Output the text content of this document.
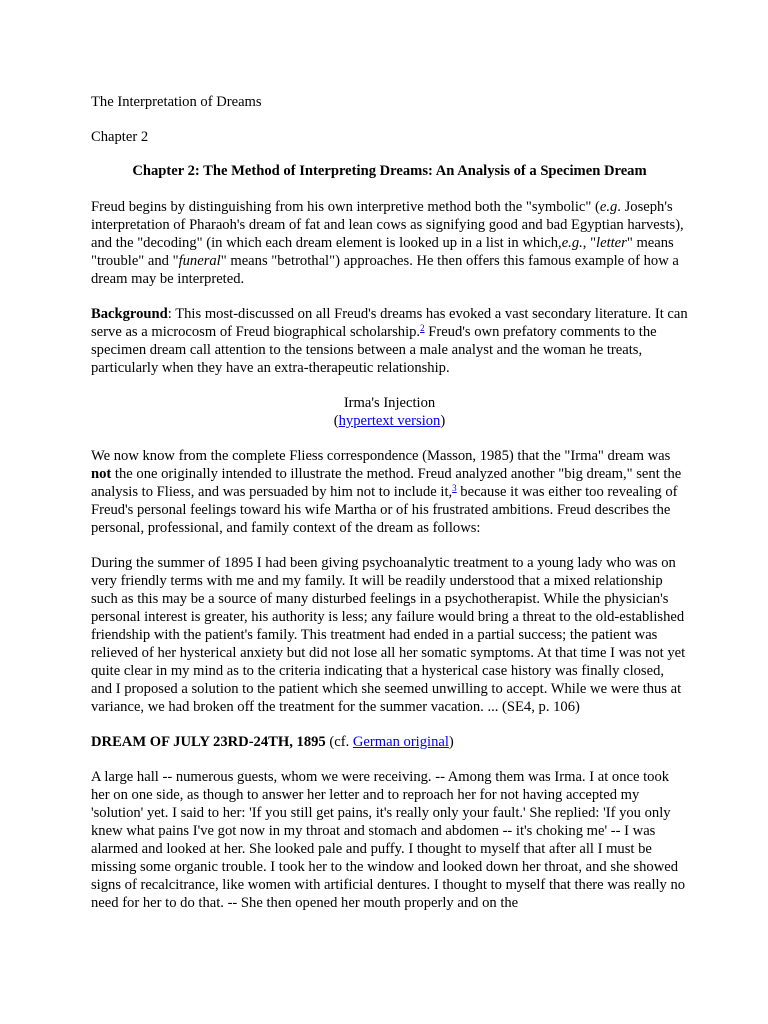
The Interpretation of Dreams

Chapter 2

Chapter 2: The Method of Interpreting Dreams: An Analysis of a Specimen Dream

Freud begins by distinguishing from his own interpretive method both the "symbolic" (e.g. Joseph's interpretation of Pharaoh's dream of fat and lean cows as signifying good and bad Egyptian harvests), and the "decoding" (in which each dream element is looked up in a list in which,e.g., "letter" means "trouble" and "funeral" means "betrothal") approaches. He then offers this famous example of how a dream may be interpreted.

Background: This most-discussed on all Freud's dreams has evoked a vast secondary literature. It can serve as a microcosm of Freud biographical scholarship.$^2$ Freud's own prefatory comments to the specimen dream call attention to the tensions between a male analyst and the woman he treats, particularly when they have an extra-therapeutic relationship.

Irma's Injection
(hypertext version)

We now know from the complete Fliess correspondence (Masson, 1985) that the "Irma" dream was not the one originally intended to illustrate the method. Freud analyzed another "big dream," sent the analysis to Fliess, and was persuaded by him not to include it,$^3$ because it was either too revealing of Freud's personal feelings toward his wife Martha or of his frustrated ambitions. Freud describes the personal, professional, and family context of the dream as follows:

During the summer of 1895 I had been giving psychoanalytic treatment to a young lady who was on very friendly terms with me and my family. It will be readily understood that a mixed relationship such as this may be a source of many disturbed feelings in a psychotherapist. While the physician's personal interest is greater, his authority is less; any failure would bring a threat to the old-established friendship with the patient's family. This treatment had ended in a partial success; the patient was relieved of her hysterical anxiety but did not lose all her somatic symptoms. At that time I was not yet quite clear in my mind as to the criteria indicating that a hysterical case history was finally closed, and I proposed a solution to the patient which she seemed unwilling to accept. While we were thus at variance, we had broken off the treatment for the summer vacation. ... (SE4, p. 106)

DREAM OF JULY 23RD-24TH, 1895 (cf. German original)

A large hall -- numerous guests, whom we were receiving. -- Among them was Irma. I at once took her on one side, as though to answer her letter and to reproach her for not having accepted my 'solution' yet. I said to her: 'If you still get pains, it's really only your fault.' She replied: 'If you only knew what pains I've got now in my throat and stomach and abdomen -- it's choking me' -- I was alarmed and looked at her. She looked pale and puffy. I thought to myself that after all I must be missing some organic trouble. I took her to the window and looked down her throat, and she showed signs of recalcitrance, like women with artificial dentures. I thought to myself that there was really no need for her to do that. -- She then opened her mouth properly and on the
